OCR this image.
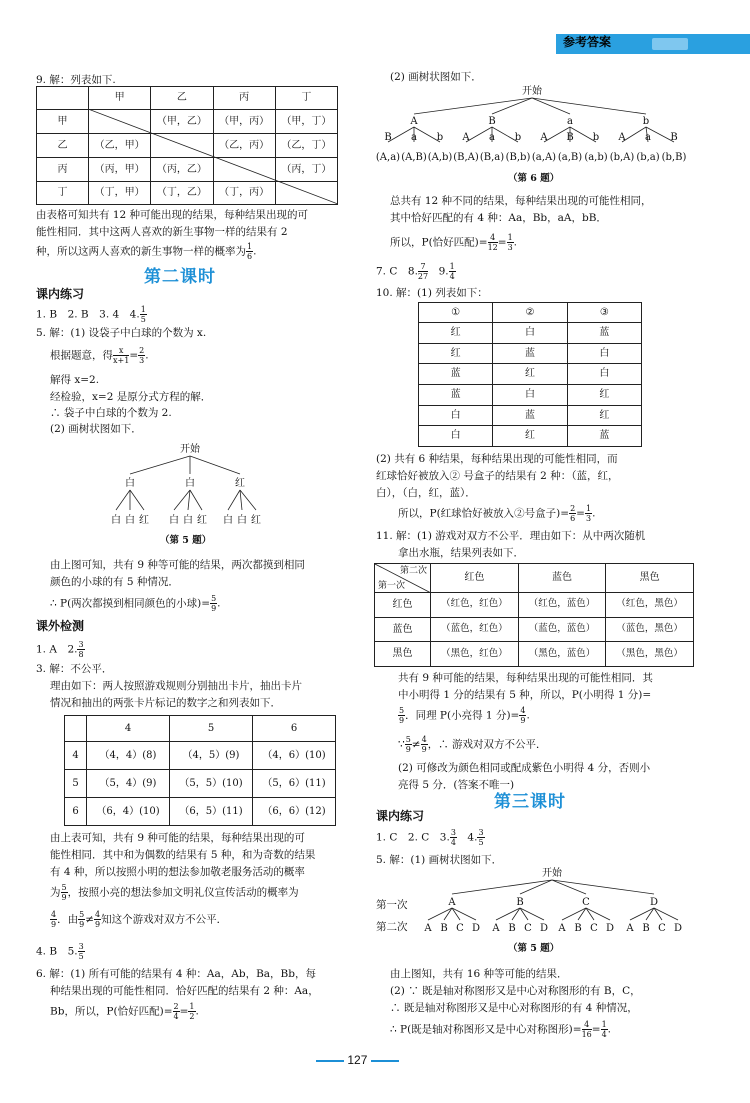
参考答案
9. 解：列表如下.
	甲	乙	丙	丁
甲		（甲，乙）	（甲，丙）	（甲，丁）
乙	（乙，甲）		（乙，丙）	（乙，丁）
丙	（丙，甲）	（丙，乙）		（丙，丁）
丁	（丁，甲）	（丁，乙）	（丁，丙）	
由表格可知共有 12 种可能出现的结果，每种结果出现的可
能性相同．其中这两人喜欢的新生事物一样的结果有 2
种，所以这两人喜欢的新生事物一样的概率为 $\frac{1}{6}$ .
第二课时
课内练习
1. B　2. B　3. 4　4. $\frac{1}{5}$
5. 解：(1) 设袋子中白球的个数为 x.
根据题意，得 $\frac{x}{x+1} = \frac{2}{3}$ .
解得 x=2.
经检验，x=2 是原分式方程的解．
∴ 袋子中白球的个数为 2.
(2) 画树状图如下．
开始
白	白	红
白 白 红 白 白 红 白 白 红
（第 5 题）
由上图可知，共有 9 种等可能的结果，两次都摸到相同
颜色的小球的有 5 种情况．
∴ P(两次都摸到相同颜色的小球)= $\frac{5}{9}$ .
课外检测
1. A　2. $\frac{3}{8}$
3. 解：不公平．
理由如下：两人按照游戏规则分别抽出卡片，抽出卡片
情况和抽出的两张卡片标记的数字之和列表如下．
	4	5	6
4	（4，4）(8)	（4，5）(9)	（4，6）(10)
5	（5，4）(9)	（5，5）(10)	（5，6）(11)
6	（6，4）(10)	（6，5）(11)	（6，6）(12)
由上表可知，共有 9 种可能的结果，每种结果出现的可
能性相同．其中和为偶数的结果有 5 种，和为奇数的结果
有 4 种，所以按照小明的想法参加敬老服务活动的概率
为 $\frac{5}{9}$ ，按照小亮的想法参加文明礼仪宣传活动的概率为
$\frac{4}{9}$ ．由 $\frac{5}{9} \ne \frac{4}{9}$ 知这个游戏对双方不公平．
4. B　5. $\frac{3}{5}$
6. 解：(1) 所有可能的结果有 4 种：Aa，Ab，Ba，Bb，每
种结果出现的可能性相同．恰好匹配的结果有 2 种：Aa，
Bb，所以，P(恰好匹配)= $\frac{2}{4} = \frac{1}{2}$ .
(2) 画树状图如下．
开始
A	B	a	b
B a b A a b A B b A a B
(A,a) (A,B) (A,b) (B,A) (B,a) (B,b) (a,A) (a,B) (a,b) (b,A) (b,a) (b,B)
（第 6 题）
总共有 12 种不同的结果，每种结果出现的可能性相同，
其中恰好匹配的有 4 种：Aa，Bb，aA，bB．
所以，P(恰好匹配)= $\frac{4}{12} = \frac{1}{3}$ .
7. C　8. $\frac{7}{27}$
　 9. $\frac{1}{4}$
10. 解：(1) 列表如下：
①	②	③
红	白	蓝
红	蓝	白
蓝	红	白
蓝	白	红
白	蓝	红
白	红	蓝
(2) 共有 6 种结果，每种结果出现的可能性相同，而
红球恰好被放入② 号盒子的结果有 2 种：（蓝，红，
白），（白，红，蓝）．
所以，P(红球恰好被放入②号盒子)= $\frac{2}{6} = \frac{1}{3}$ .
11. 解：(1) 游戏对双方不公平．理由如下：从中两次随机
拿出水瓶，结果列表如下．
第二次
第一次	红色	蓝色	黑色
红色	（红色，红色）	（红色，蓝色）	（红色，黑色）
蓝色	（蓝色，红色）	（蓝色，蓝色）	（蓝色，黑色）
黑色	（黑色，红色）	（黑色，蓝色）	（黑色，黑色）
共有 9 种可能的结果，每种结果出现的可能性相同．其
中小明得 1 分的结果有 5 种，所以，P(小明得 1 分)=
$\frac{5}{9}$ ．同理 P(小亮得 1 分)= $\frac{4}{9}$ .
∵ $\frac{5}{9} \ne \frac{4}{9}$ ，∴ 游戏对双方不公平．
(2) 可修改为颜色相同或配成紫色小明得 4 分，否则小
亮得 5 分．(答案不唯一)
第三课时
课内练习
1. C　2. C　3. $\frac{3}{4}$
　 4. $\frac{3}{5}$
5. 解：(1) 画树状图如下．
第一次
第二次
开始
A	B	C	D
A B C D A B C D A B C D A B C D
（第 5 题）
由上图知，共有 16 种等可能的结果．
(2) ∵ 既是轴对称图形又是中心对称图形的有 B，C，
∴ 既是轴对称图形又是中心对称图形的有 4 种情况，
∴ P(既是轴对称图形又是中心对称图形)= $\frac{4}{16} = \frac{1}{4}$ .
127
